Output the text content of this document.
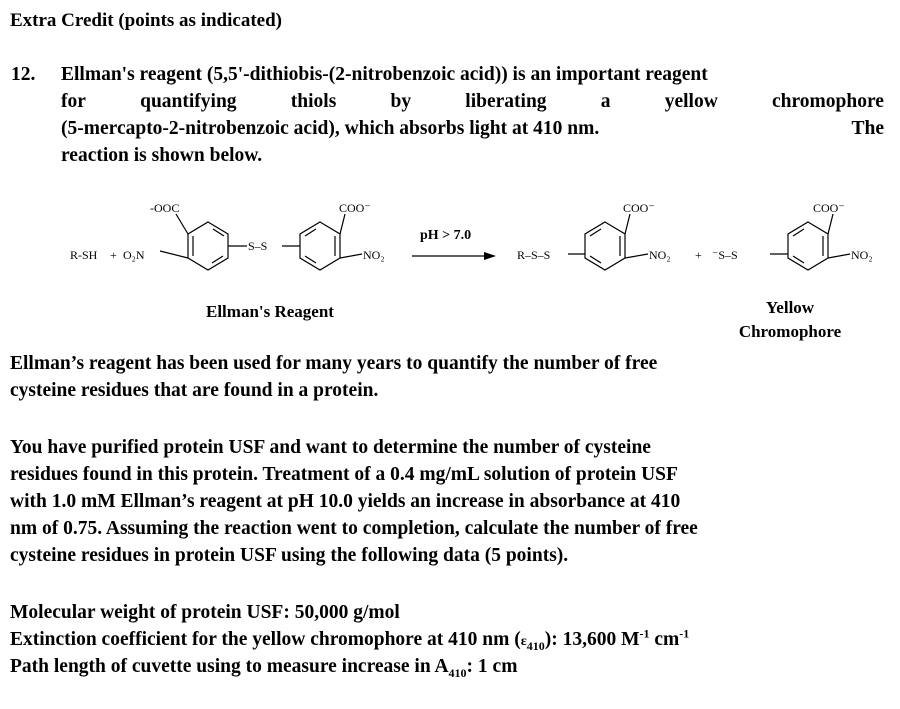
Extra Credit (points as indicated)
12. Ellman's reagent (5,5'-dithiobis-(2-nitrobenzoic acid)) is an important reagent
for	quantifying	thiols	by	liberating	a	yellow	chromophore
(5-mercapto-2-nitrobenzoic acid), which absorbs light at 410 nm.	The
reaction is shown below.
R-SH + O₂N
-OOC
S–S
COO⁻
NO₂
pH > 7.0
R–S–S
COO⁻
NO₂ + ⁻S–S
COO⁻
NO₂
Ellman's Reagent	Yellow
Chromophore
Ellman’s reagent has been used for many years to quantify the number of free
cysteine residues that are found in a protein.
You have purified protein USF and want to determine the number of cysteine
residues found in this protein. Treatment of a 0.4 mg/mL solution of protein USF
with 1.0 mM Ellman’s reagent at pH 10.0 yields an increase in absorbance at 410
nm of 0.75. Assuming the reaction went to completion, calculate the number of free
cysteine residues in protein USF using the following data (5 points).
Molecular weight of protein USF: 50,000 g/mol
Extinction coefficient for the yellow chromophore at 410 nm $(\varepsilon_{410})$: 13,600 $M^{-1}$ $cm^{-1}$
Path length of cuvette using to measure increase in $A_{410}$: 1 cm
